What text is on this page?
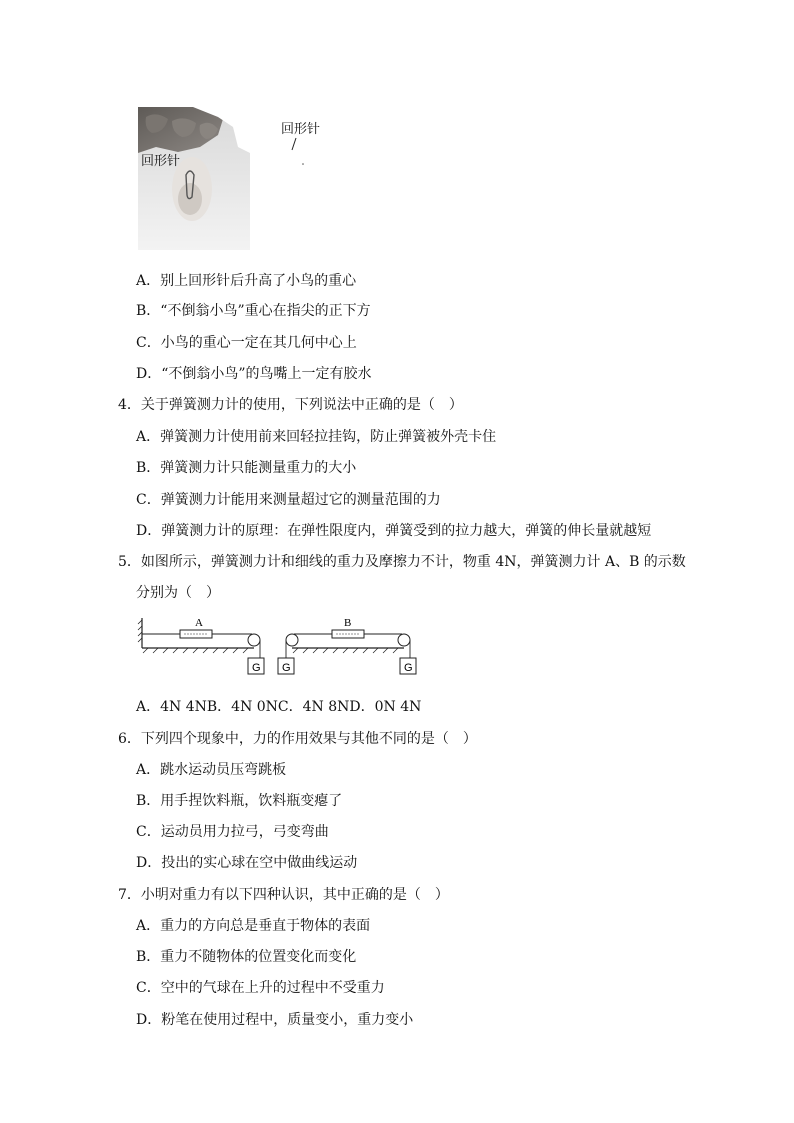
回形针
回形针
A．别上回形针后升高了小鸟的重心
B．“不倒翁小鸟”重心在指尖的正下方
C．小鸟的重心一定在其几何中心上
D．“不倒翁小鸟”的鸟嘴上一定有胶水
4．关于弹簧测力计的使用，下列说法中正确的是（　）
A．弹簧测力计使用前来回轻拉挂钩，防止弹簧被外壳卡住
B．弹簧测力计只能测量重力的大小
C．弹簧测力计能用来测量超过它的测量范围的力
D．弹簧测力计的原理：在弹性限度内，弹簧受到的拉力越大，弹簧的伸长量就越短
5．如图所示，弹簧测力计和细线的重力及摩擦力不计，物重 4N，弹簧测力计 A、B 的示数
分别为（　）
A
G G
B
G
A．4N 4NB．4N 0NC．4N 8ND．0N 4N
6．下列四个现象中，力的作用效果与其他不同的是（　）
A．跳水运动员压弯跳板
B．用手捏饮料瓶，饮料瓶变瘪了
C．运动员用力拉弓，弓变弯曲
D．投出的实心球在空中做曲线运动
7．小明对重力有以下四种认识，其中正确的是（　）
A．重力的方向总是垂直于物体的表面
B．重力不随物体的位置变化而变化
C．空中的气球在上升的过程中不受重力
D．粉笔在使用过程中，质量变小，重力变小
